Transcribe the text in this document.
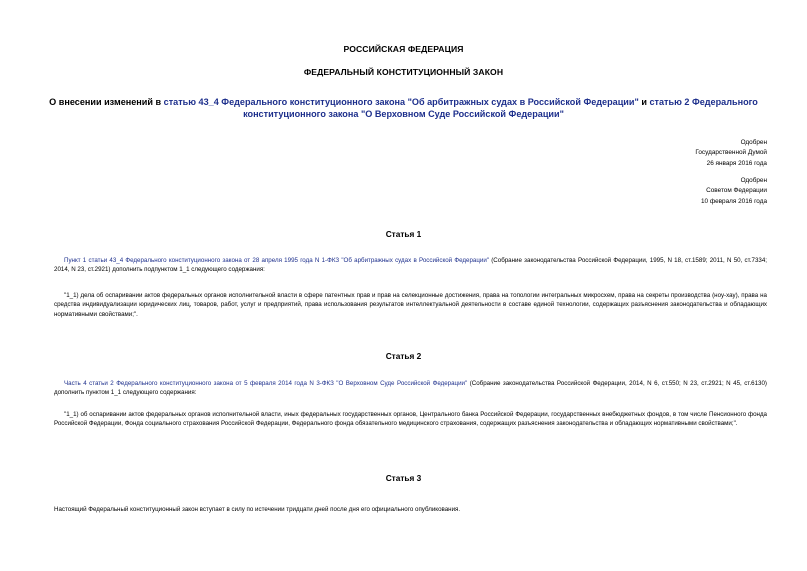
РОССИЙСКАЯ ФЕДЕРАЦИЯ
ФЕДЕРАЛЬНЫЙ КОНСТИТУЦИОННЫЙ ЗАКОН
О внесении изменений в статью 43_4 Федерального конституционного закона "Об арбитражных судах в Российской Федерации" и статью 2 Федерального конституционного закона "О Верховном Суде Российской Федерации"
Одобрен
Государственной Думой
26 января 2016 года
Одобрен
Советом Федерации
10 февраля 2016 года
Статья 1
Пункт 1 статьи 43_4 Федерального конституционного закона от 28 апреля 1995 года N 1-ФКЗ "Об арбитражных судах в Российской Федерации" (Собрание законодательства Российской Федерации, 1995, N 18, ст.1589; 2011, N 50, ст.7334; 2014, N 23, ст.2921) дополнить подпунктом 1_1 следующего содержания:
"1_1) дела об оспаривании актов федеральных органов исполнительной власти в сфере патентных прав и прав на селекционные достижения, права на топологии интегральных микросхем, права на секреты производства (ноу-хау), права на средства индивидуализации юридических лиц, товаров, работ, услуг и предприятий, права использования результатов интеллектуальной деятельности в составе единой технологии, содержащих разъяснения законодательства и обладающих нормативными свойствами;".
Статья 2
Часть 4 статьи 2 Федерального конституционного закона от 5 февраля 2014 года N 3-ФКЗ "О Верховном Суде Российской Федерации" (Собрание законодательства Российской Федерации, 2014, N 6, ст.550; N 23, ст.2921; N 45, ст.6130) дополнить пунктом 1_1 следующего содержания:
"1_1) об оспаривании актов федеральных органов исполнительной власти, иных федеральных государственных органов, Центрального банка Российской Федерации, государственных внебюджетных фондов, в том числе Пенсионного фонда Российской Федерации, Фонда социального страхования Российской Федерации, Федерального фонда обязательного медицинского страхования, содержащих разъяснения законодательства и обладающих нормативными свойствами;".
Статья 3
Настоящий Федеральный конституционный закон вступает в силу по истечении тридцати дней после дня его официального опубликования.
